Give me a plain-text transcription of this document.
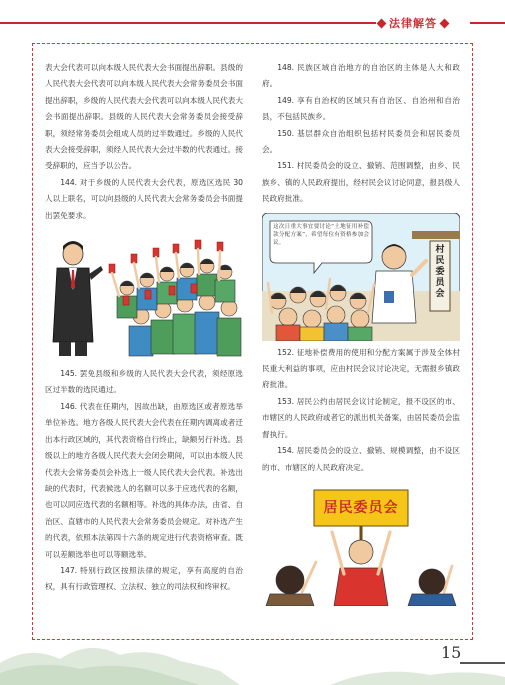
法律解答

表大会代表可以向本级人民代表大会书面提出辞职。县级的人民代表大会代表可以向本级人民代表大会常务委员会书面提出辞职，乡级的人民代表大会代表可以向本级人民代表大会书面提出辞职。县级的人民代表大会常务委员会接受辞职，须经常务委员会组成人员的过半数通过。乡级的人民代表大会接受辞职，须经人民代表大会过半数的代表通过。接受辞职的，应当予以公告。

144. 对于乡级的人民代表大会代表，原选区选民 30 人以上联名，可以向县级的人民代表大会常务委员会书面提出罢免要求。

145. 罢免县级和乡级的人民代表大会代表，须经原选区过半数的选民通过。

146. 代表在任期内，因故出缺，由原选区或者原选举单位补选。地方各级人民代表大会代表在任期内调离或者迁出本行政区域的，其代表资格自行终止，缺额另行补选。县级以上的地方各级人民代表大会闭会期间，可以由本级人民代表大会常务委员会补选上一级人民代表大会代表。补选出缺的代表时，代表候选人的名额可以多于应选代表的名额，也可以同应选代表的名额相等。补选的具体办法，由省、自治区、直辖市的人民代表大会常务委员会规定。对补选产生的代表，依照本法第四十六条的规定进行代表资格审查。既可以差额选举也可以等额选举。

147. 特别行政区按照法律的规定，享有高度的自治权，具有行政管理权、立法权、独立的司法权和终审权。

148. 民族区域自治地方的自治区的主体是人大和政府。

149. 享有自治权的区域只有自治区、自治州和自治县，不包括民族乡。

150. 基层群众自治组织包括村民委员会和居民委员会。

151. 村民委员会的设立、撤销、范围调整，由乡、民族乡、镇的人民政府提出，经村民会议讨论同意，报县级人民政府批准。

这次日重大事宜要讨论“土地征用补偿款分配方案”，希望每位有资格参加会议。
村民委员会

152. 征地补偿费用的使用和分配方案属于涉及全体村民重大利益的事项，应由村民会议讨论决定，无需报乡镇政府批准。

153. 居民公约由居民会议讨论制定，报不设区的市、市辖区的人民政府或者它的派出机关备案，由居民委员会监督执行。

154. 居民委员会的设立、撤销、规模调整，由不设区的市、市辖区的人民政府决定。

居民委员会
15
